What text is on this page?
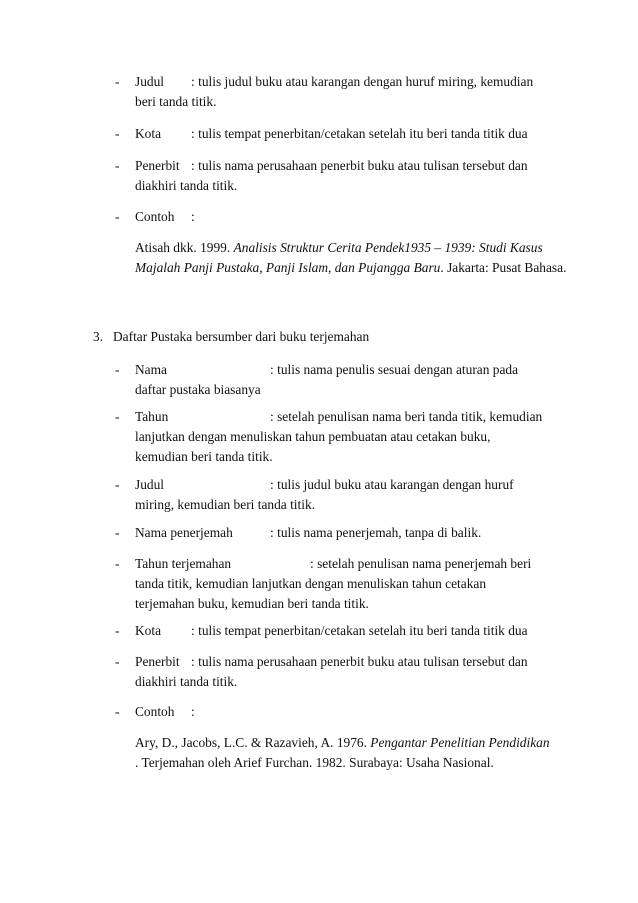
- Judul : tulis judul buku atau karangan dengan huruf miring, kemudian
beri tanda titik.
- Kota : tulis tempat penerbitan/cetakan setelah itu beri tanda titik dua
- Penerbit : tulis nama perusahaan penerbit buku atau tulisan tersebut dan
diakhiri tanda titik.
- Contoh :

Atisah dkk. 1999. Analisis Struktur Cerita Pendek1935 – 1939: Studi Kasus Majalah Panji Pustaka, Panji Islam, dan Pujangga Baru. Jakarta: Pusat Bahasa.

3. Daftar Pustaka bersumber dari buku terjemahan

- Nama	: tulis nama penulis sesuai dengan aturan pada
daftar pustaka biasanya
- Tahun	: setelah penulisan nama beri tanda titik, kemudian
lanjutkan dengan menuliskan tahun pembuatan atau cetakan buku,
kemudian beri tanda titik.
- Judul	: tulis judul buku atau karangan dengan huruf
miring, kemudian beri tanda titik.
- Nama penerjemah	: tulis nama penerjemah, tanpa di balik.
- Tahun terjemahan	: setelah penulisan nama penerjemah beri
tanda titik, kemudian lanjutkan dengan menuliskan tahun cetakan
terjemahan buku, kemudian beri tanda titik.
- Kota : tulis tempat penerbitan/cetakan setelah itu beri tanda titik dua
- Penerbit : tulis nama perusahaan penerbit buku atau tulisan tersebut dan
diakhiri tanda titik.
- Contoh :

Ary, D., Jacobs, L.C. & Razavieh, A. 1976. Pengantar Penelitian Pendidikan . Terjemahan oleh Arief Furchan. 1982. Surabaya: Usaha Nasional.
